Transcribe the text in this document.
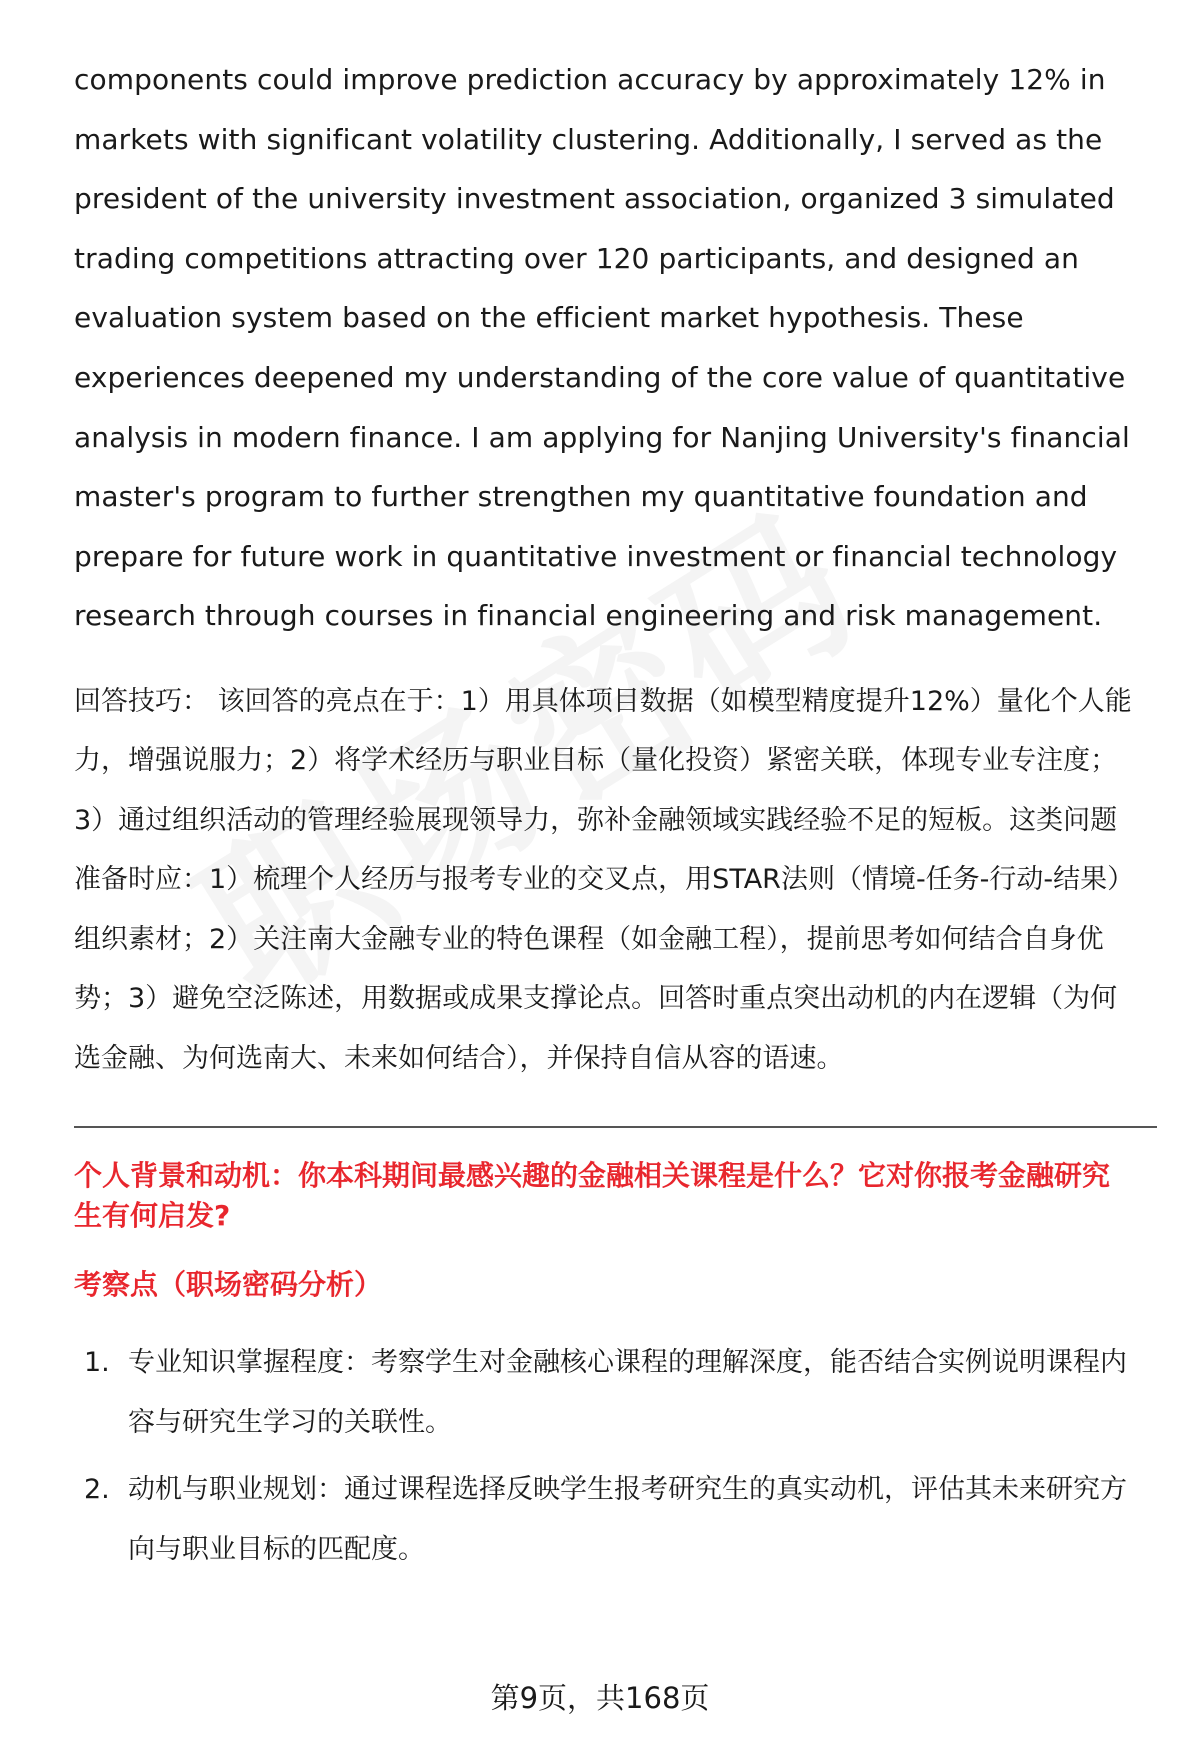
components could improve prediction accuracy by approximately 12% in markets with significant volatility clustering. Additionally, I served as the president of the university investment association, organized 3 simulated trading competitions attracting over 120 participants, and designed an evaluation system based on the efficient market hypothesis. These experiences deepened my understanding of the core value of quantitative analysis in modern finance. I am applying for Nanjing University's financial master's program to further strengthen my quantitative foundation and prepare for future work in quantitative investment or financial technology research through courses in financial engineering and risk management.

回答技巧： 该回答的亮点在于：1）用具体项目数据（如模型精度提升12%）量化个人能力，增强说服力；2）将学术经历与职业目标（量化投资）紧密关联，体现专业专注度；3）通过组织活动的管理经验展现领导力，弥补金融领域实践经验不足的短板。这类问题准备时应：1）梳理个人经历与报考专业的交叉点，用STAR法则（情境-任务-行动-结果）组织素材；2）关注南大金融专业的特色课程（如金融工程），提前思考如何结合自身优势；3）避免空泛陈述，用数据或成果支撑论点。回答时重点突出动机的内在逻辑（为何选金融、为何选南大、未来如何结合），并保持自信从容的语速。

个人背景和动机：你本科期间最感兴趣的金融相关课程是什么？它对你报考金融研究生有何启发?
考察点（职场密码分析）
1. 专业知识掌握程度：考察学生对金融核心课程的理解深度，能否结合实例说明课程内容与研究生学习的关联性。
2. 动机与职业规划：通过课程选择反映学生报考研究生的真实动机，评估其未来研究方向与职业目标的匹配度。
第9页，共168页
